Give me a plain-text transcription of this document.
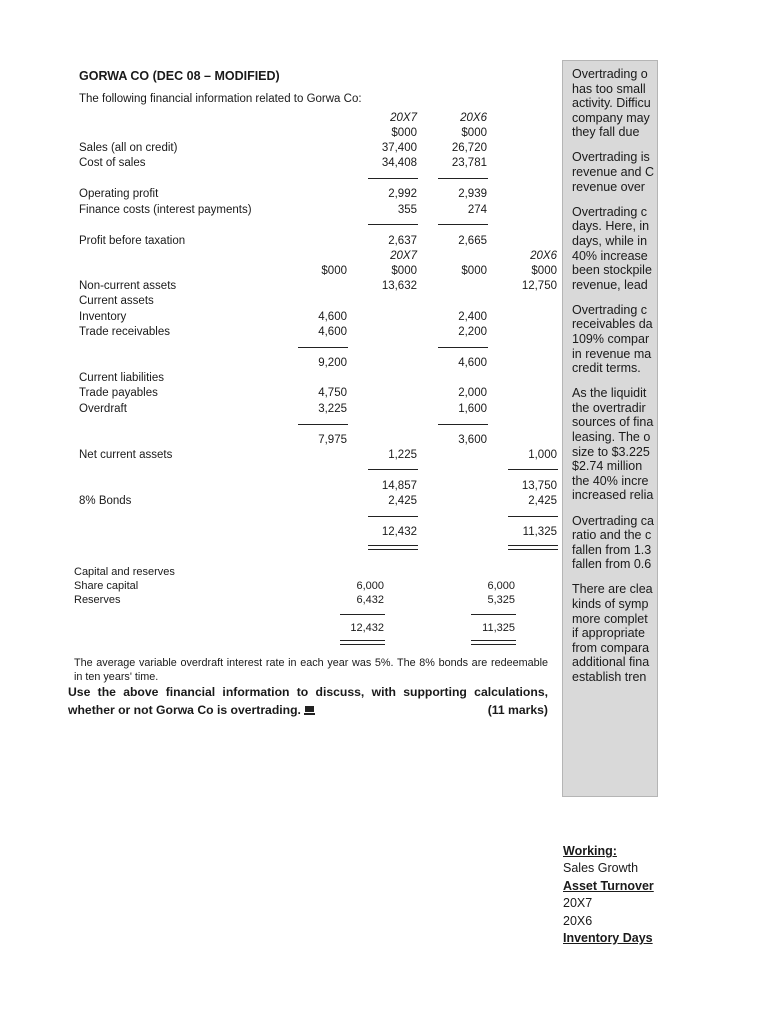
GORWA CO (DEC 08 – MODIFIED)
The following financial information related to Gorwa Co:
20X7	20X6
$000	$000
Sales (all on credit)	37,400	26,720
Cost of sales	34,408	23,781
Operating profit	2,992	2,939
Finance costs (interest payments)	355	274
Profit before taxation	2,637	2,665
20X7	20X6
$000	$000	$000	$000
Non-current assets	13,632	12,750
Current assets
Inventory	4,600	2,400
Trade receivables	4,600	2,200
9,200	4,600
Current liabilities
Trade payables	4,750	2,000
Overdraft	3,225	1,600
7,975	3,600
Net current assets	1,225	1,000
14,857	13,750
8% Bonds	2,425	2,425
12,432	11,325
Capital and reserves
Share capital	6,000	6,000
Reserves	6,432	5,325
12,432	11,325
The average variable overdraft interest rate in each year was 5%. The 8% bonds are redeemable in ten years' time.
Use the above financial information to discuss, with supporting calculations,
whether or not Gorwa Co is overtrading.	(11 marks)

Overtrading o
has too small
activity. Difficu
company may
they fall due

Overtrading is
revenue and C
revenue over

Overtrading c
days. Here, in
days, while in
40% increase
been stockpile
revenue, lead

Overtrading c
receivables da
109% compar
in revenue ma
credit terms.

As the liquidit
the overtradir
sources of fina
leasing. The o
size to $3.225
$2.74 million
the 40% incre
increased relia

Overtrading ca
ratio and the c
fallen from 1.3
fallen from 0.6

There are clea
kinds of symp
more complet
if appropriate
from compara
additional fina
establish tren

Working:
Sales Growth
Asset Turnover
20X7
20X6
Inventory Days
